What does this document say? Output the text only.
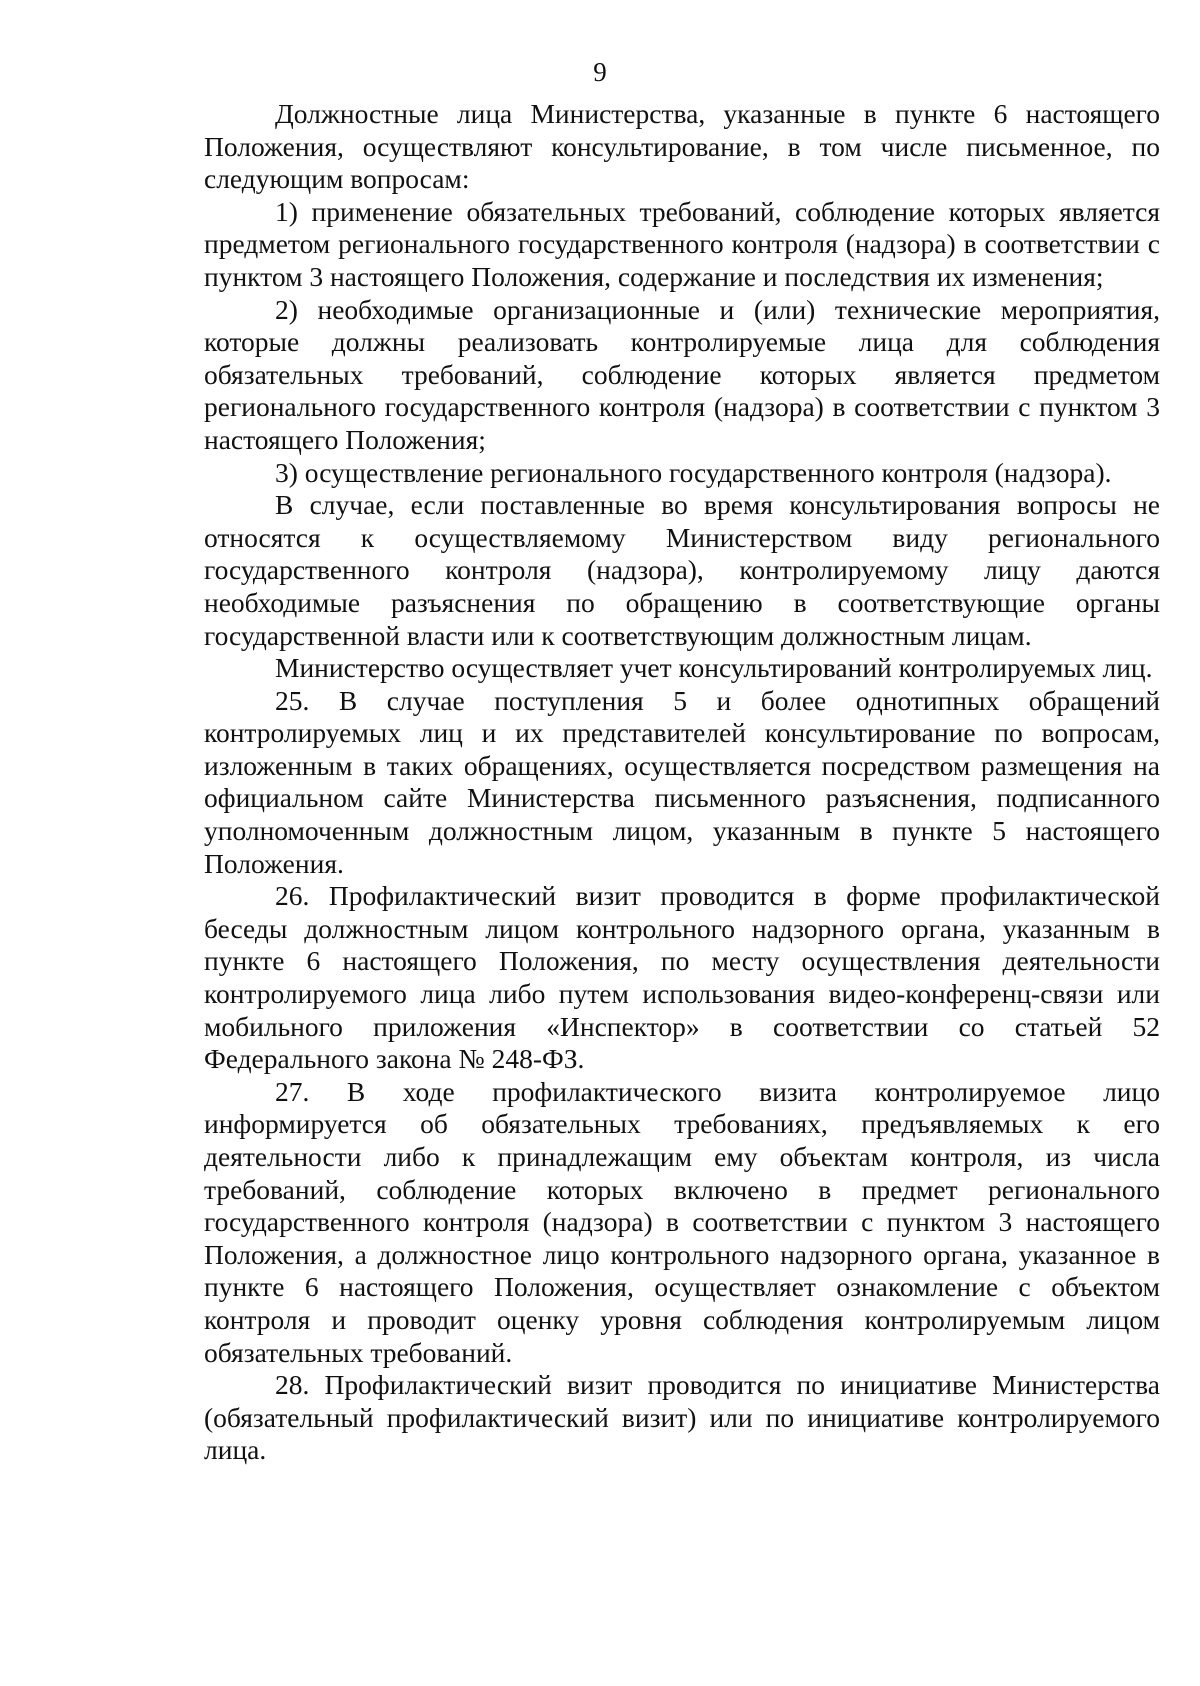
9

Должностные лица Министерства, указанные в пункте 6 настоящего Положения, осуществляют консультирование, в том числе письменное, по следующим вопросам:

1) применение обязательных требований, соблюдение которых является предметом регионального государственного контроля (надзора) в соответствии с пунктом 3 настоящего Положения, содержание и последствия их изменения;

2) необходимые организационные и (или) технические мероприятия, которые должны реализовать контролируемые лица для соблюдения обязательных требований, соблюдение которых является предметом регионального государственного контроля (надзора) в соответствии с пунктом 3 настоящего Положения;

3) осуществление регионального государственного контроля (надзора).

В случае, если поставленные во время консультирования вопросы не относятся к осуществляемому Министерством виду регионального государственного контроля (надзора), контролируемому лицу даются необходимые разъяснения по обращению в соответствующие органы государственной власти или к соответствующим должностным лицам.

Министерство осуществляет учет консультирований контролируемых лиц.

25. В случае поступления 5 и более однотипных обращений контролируемых лиц и их представителей консультирование по вопросам, изложенным в таких обращениях, осуществляется посредством размещения на официальном сайте Министерства письменного разъяснения, подписанного уполномоченным должностным лицом, указанным в пункте 5 настоящего Положения.

26. Профилактический визит проводится в форме профилактической беседы должностным лицом контрольного надзорного органа, указанным в пункте 6 настоящего Положения, по месту осуществления деятельности контролируемого лица либо путем использования видео-конференц-связи или мобильного приложения «Инспектор» в соответствии со статьей 52 Федерального закона № 248-ФЗ.

27. В ходе профилактического визита контролируемое лицо информируется об обязательных требованиях, предъявляемых к его деятельности либо к принадлежащим ему объектам контроля, из числа требований, соблюдение которых включено в предмет регионального государственного контроля (надзора) в соответствии с пунктом 3 настоящего Положения, а должностное лицо контрольного надзорного органа, указанное в пункте 6 настоящего Положения, осуществляет ознакомление с объектом контроля и проводит оценку уровня соблюдения контролируемым лицом обязательных требований.

28. Профилактический визит проводится по инициативе Министерства (обязательный профилактический визит) или по инициативе контролируемого лица.
